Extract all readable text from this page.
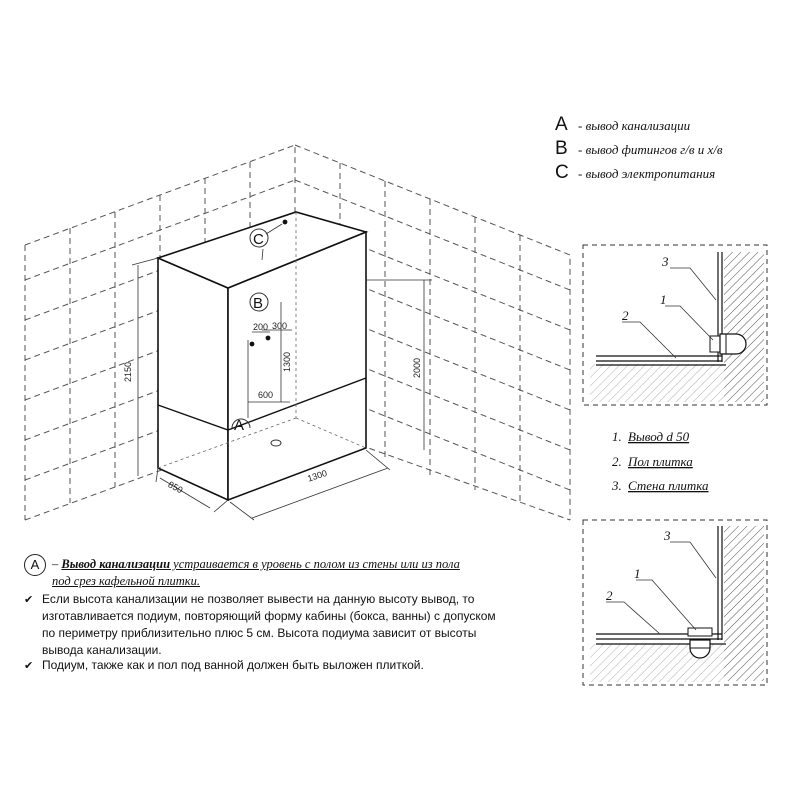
2150	2000
1300
600
200 300
1300
850
C
B
A
A - вывод канализации
B - вывод фитингов г/в и х/в
C - вывод электропитания
3
1
2
1. Вывод d 50
2. Пол плитка
3. Стена плитка
3
1
2
A	– Вывод канализации устраивается в уровень с полом из стены или из пола
под срез кафельной плитки.
✔ Если высота канализации не позволяет вывести на данную высоту вывод, то изготавливается подиум, повторяющий форму кабины (бокса, ванны) с допуском по периметру приблизительно плюс 5 см. Высота подиума зависит от высоты вывода канализации.
✔ Подиум, также как и пол под ванной должен быть выложен плиткой.
